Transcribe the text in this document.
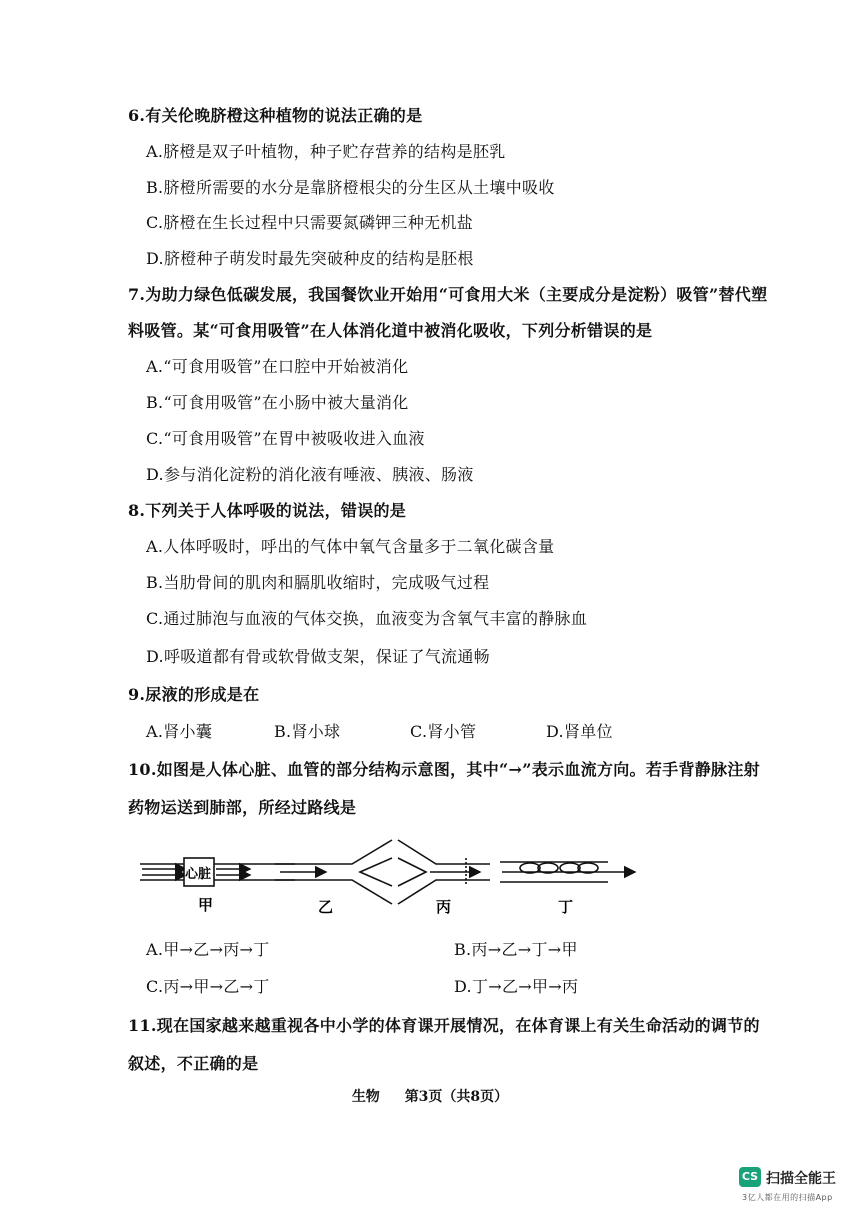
6.有关伦晚脐橙这种植物的说法正确的是
A.脐橙是双子叶植物，种子贮存营养的结构是胚乳
B.脐橙所需要的水分是靠脐橙根尖的分生区从土壤中吸收
C.脐橙在生长过程中只需要氮磷钾三种无机盐
D.脐橙种子萌发时最先突破种皮的结构是胚根
7.为助力绿色低碳发展，我国餐饮业开始用“可食用大米（主要成分是淀粉）吸管”替代塑
料吸管。某“可食用吸管”在人体消化道中被消化吸收，下列分析错误的是
A.“可食用吸管”在口腔中开始被消化
B.“可食用吸管”在小肠中被大量消化
C.“可食用吸管”在胃中被吸收进入血液
D.参与消化淀粉的消化液有唾液、胰液、肠液
8.下列关于人体呼吸的说法，错误的是
A.人体呼吸时，呼出的气体中氧气含量多于二氧化碳含量
B.当肋骨间的肌肉和膈肌收缩时，完成吸气过程
C.通过肺泡与血液的气体交换，血液变为含氧气丰富的静脉血
D.呼吸道都有骨或软骨做支架，保证了气流通畅
9.尿液的形成是在
A.肾小囊	B.肾小球	C.肾小管	D.肾单位
10.如图是人体心脏、血管的部分结构示意图，其中“→”表示血流方向。若手背静脉注射
药物运送到肺部，所经过路线是
心脏
甲	乙	丙	丁
A.甲→乙→丙→丁	B.丙→乙→丁→甲
C.丙→甲→乙→丁	D.丁→乙→甲→丙
11.现在国家越来越重视各中小学的体育课开展情况，在体育课上有关生命活动的调节的
叙述，不正确的是
生物 第3页（共8页）
CS 扫描全能王
3亿人都在用的扫描App
